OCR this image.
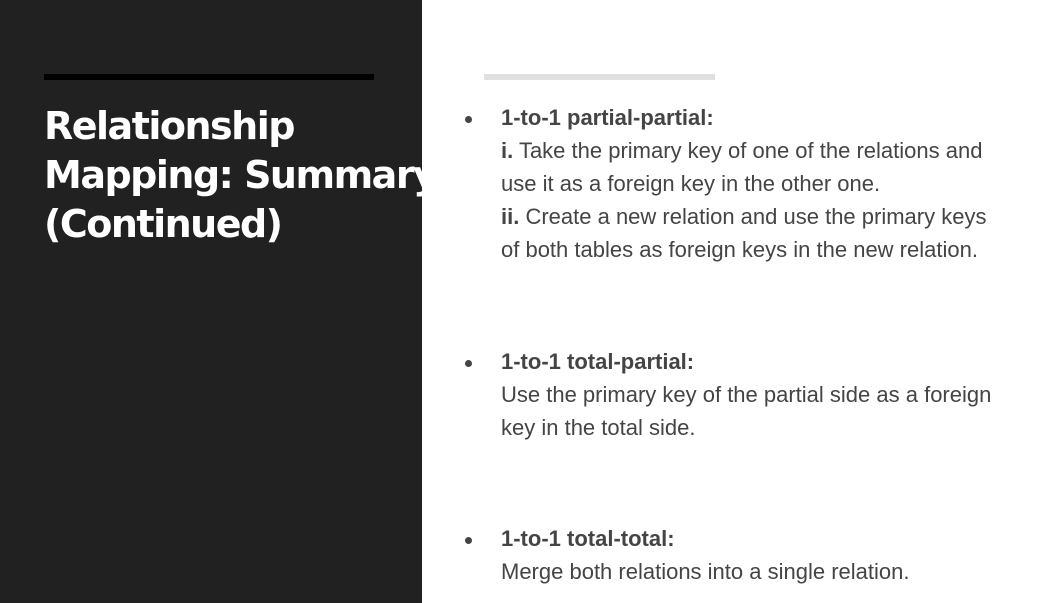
Relationship
Mapping: Summary
(Continued)
1-to-1 partial-partial:
i. Take the primary key of one of the relations and
use it as a foreign key in the other one.
ii. Create a new relation and use the primary keys
of both tables as foreign keys in the new relation.
1-to-1 total-partial:
Use the primary key of the partial side as a foreign
key in the total side.
1-to-1 total-total:
Merge both relations into a single relation.
